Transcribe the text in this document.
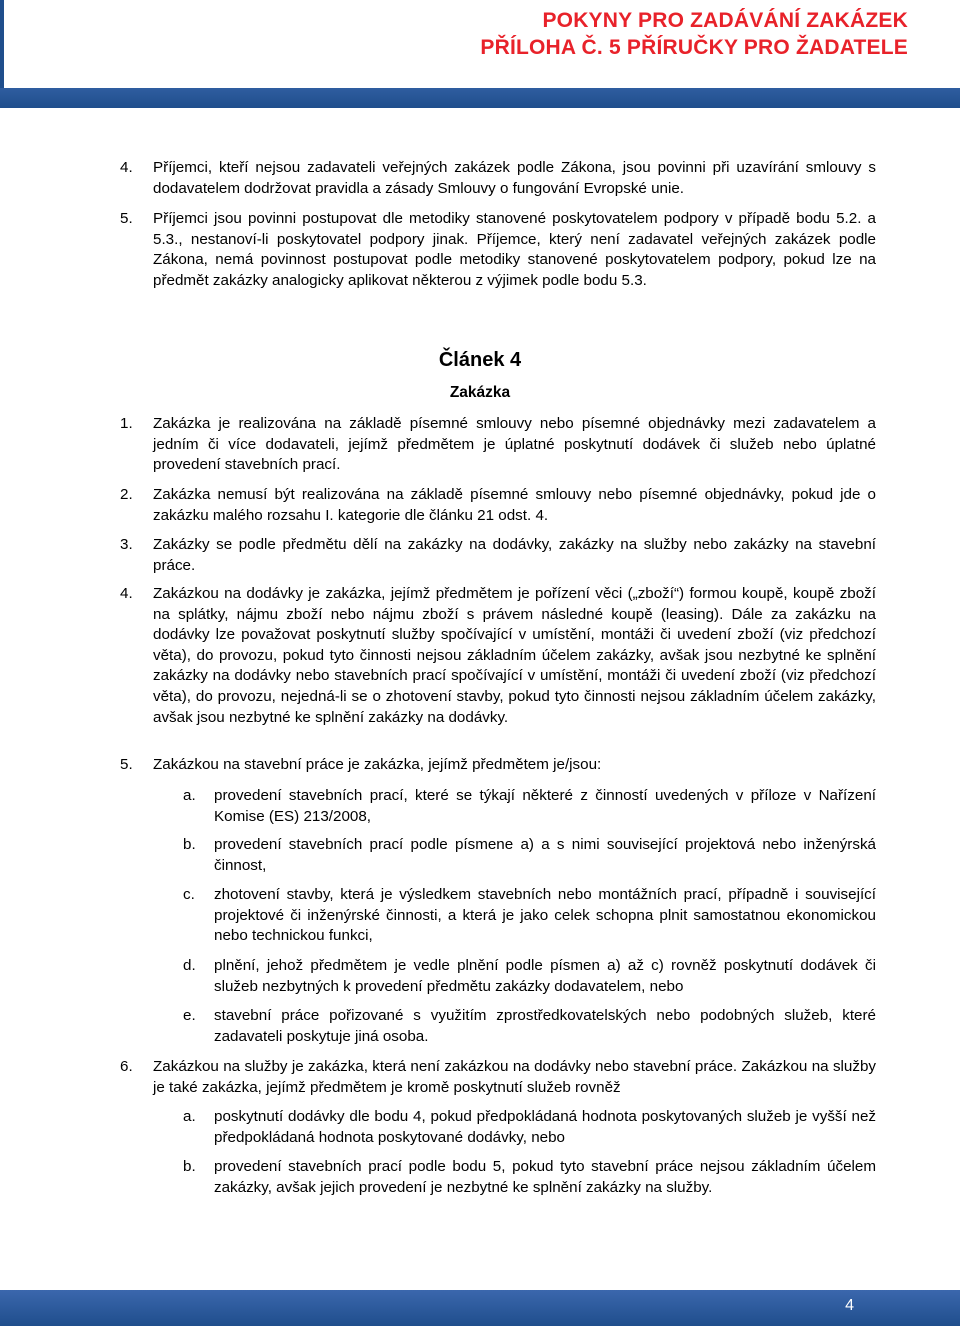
POKYNY PRO ZADÁVÁNÍ ZAKÁZEK
PŘÍLOHA Č. 5 PŘÍRUČKY PRO ŽADATELE
4.	Příjemci, kteří nejsou zadavateli veřejných zakázek podle Zákona, jsou povinni při uzavírání smlouvy s dodavatelem dodržovat pravidla a zásady Smlouvy o fungování Evropské unie.
5.	Příjemci jsou povinni postupovat dle metodiky stanovené poskytovatelem podpory v případě bodu 5.2. a 5.3., nestanoví-li poskytovatel podpory jinak. Příjemce, který není zadavatel veřejných zakázek podle Zákona, nemá povinnost postupovat podle metodiky stanovené poskytovatelem podpory, pokud lze na předmět zakázky analogicky aplikovat některou z výjimek podle bodu 5.3.
Článek 4
Zakázka
1.	Zakázka je realizována na základě písemné smlouvy nebo písemné objednávky mezi zadavatelem a jedním či více dodavateli, jejímž předmětem je úplatné poskytnutí dodávek či služeb nebo úplatné provedení stavebních prací.
2.	Zakázka nemusí být realizována na základě písemné smlouvy nebo písemné objednávky, pokud jde o zakázku malého rozsahu I. kategorie dle článku 21 odst. 4.
3.	Zakázky se podle předmětu dělí na zakázky na dodávky, zakázky na služby nebo zakázky na stavební práce.
4.	Zakázkou na dodávky je zakázka, jejímž předmětem je pořízení věci („zboží“) formou koupě, koupě zboží na splátky, nájmu zboží nebo nájmu zboží s právem následné koupě (leasing). Dále za zakázku na dodávky lze považovat poskytnutí služby spočívající v umístění, montáži či uvedení zboží (viz předchozí věta), do provozu, pokud tyto činnosti nejsou základním účelem zakázky, avšak jsou nezbytné ke splnění zakázky na dodávky nebo stavebních prací spočívající v umístění, montáži či uvedení zboží (viz předchozí věta), do provozu, nejedná-li se o zhotovení stavby, pokud tyto činnosti nejsou základním účelem zakázky, avšak jsou nezbytné ke splnění zakázky na dodávky.
5.	Zakázkou na stavební práce je zakázka, jejímž předmětem je/jsou:
a.	provedení stavebních prací, které se týkají některé z činností uvedených v příloze v Nařízení Komise (ES) 213/2008,
b.	provedení stavebních prací podle písmene a) a s nimi související projektová nebo inženýrská činnost,
c.	zhotovení stavby, která je výsledkem stavebních nebo montážních prací, případně i související projektové či inženýrské činnosti, a která je jako celek schopna plnit samostatnou ekonomickou nebo technickou funkci,
d.	plnění, jehož předmětem je vedle plnění podle písmen a) až c) rovněž poskytnutí dodávek či služeb nezbytných k provedení předmětu zakázky dodavatelem, nebo
e.	stavební práce pořizované s využitím zprostředkovatelských nebo podobných služeb, které zadavateli poskytuje jiná osoba.
6.	Zakázkou na služby je zakázka, která není zakázkou na dodávky nebo stavební práce. Zakázkou na služby je také zakázka, jejímž předmětem je kromě poskytnutí služeb rovněž
a.	poskytnutí dodávky dle bodu 4, pokud předpokládaná hodnota poskytovaných služeb je vyšší než předpokládaná hodnota poskytované dodávky, nebo
b.	provedení stavebních prací podle bodu 5, pokud tyto stavební práce nejsou základním účelem zakázky, avšak jejich provedení je nezbytné ke splnění zakázky na služby.
4
